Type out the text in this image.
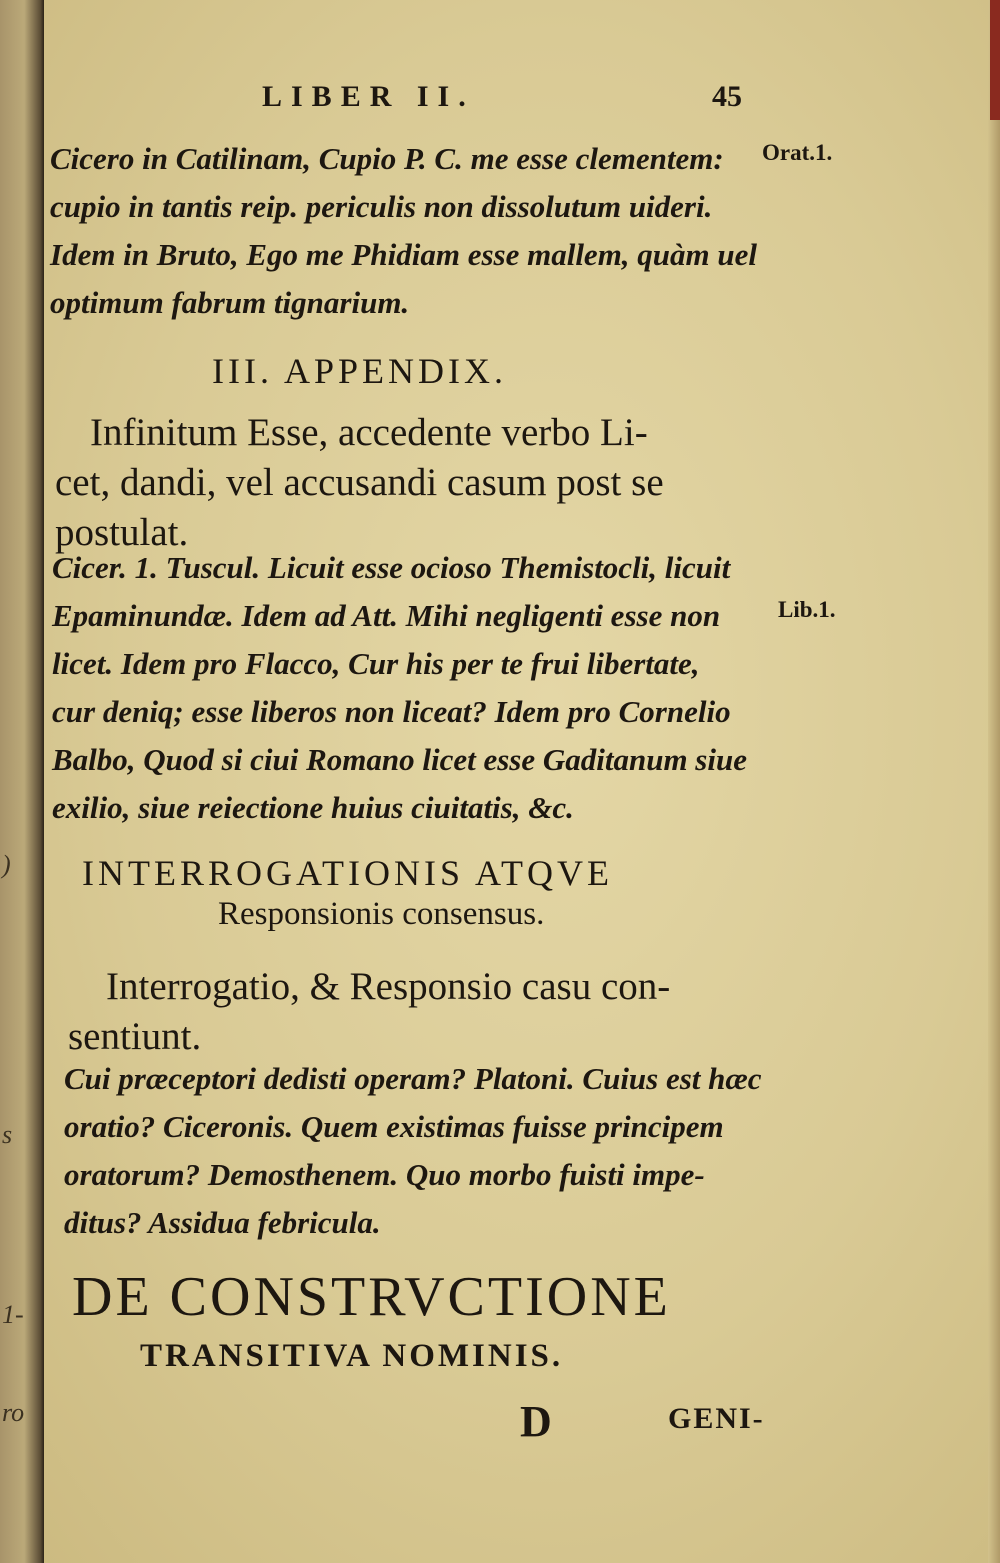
)
s
1-
ro
LIBER II.	45
Orat.1.
Lib.1.
Cicero in Catilinam, Cupio P. C. me esse clementem:
cupio in tantis reip. periculis non dissolutum uideri.
Idem in Bruto, Ego me Phidiam esse mallem, quàm uel
optimum fabrum tignarium.
III. APPENDIX.
Infinitum Esse, accedente verbo Li-
cet, dandi, vel accusandi casum post se
postulat.
Cicer. 1. Tuscul. Licuit esse ocioso Themistocli, licuit
Epaminundæ. Idem ad Att. Mihi negligenti esse non
licet. Idem pro Flacco, Cur his per te frui libertate,
cur deniq; esse liberos non liceat? Idem pro Cornelio
Balbo, Quod si ciui Romano licet esse Gaditanum siue
exilio, siue reiectione huius ciuitatis, &c.
INTERROGATIONIS ATQVE
Responsionis consensus.
Interrogatio, & Responsio casu con-
sentiunt.
Cui præceptori dedisti operam? Platoni. Cuius est hæc
oratio? Ciceronis. Quem existimas fuisse principem
oratorum? Demosthenem. Quo morbo fuisti impe-
ditus? Assidua febricula.
DE CONSTRVCTIONE
TRANSITIVA NOMINIS.
D	GENI-
